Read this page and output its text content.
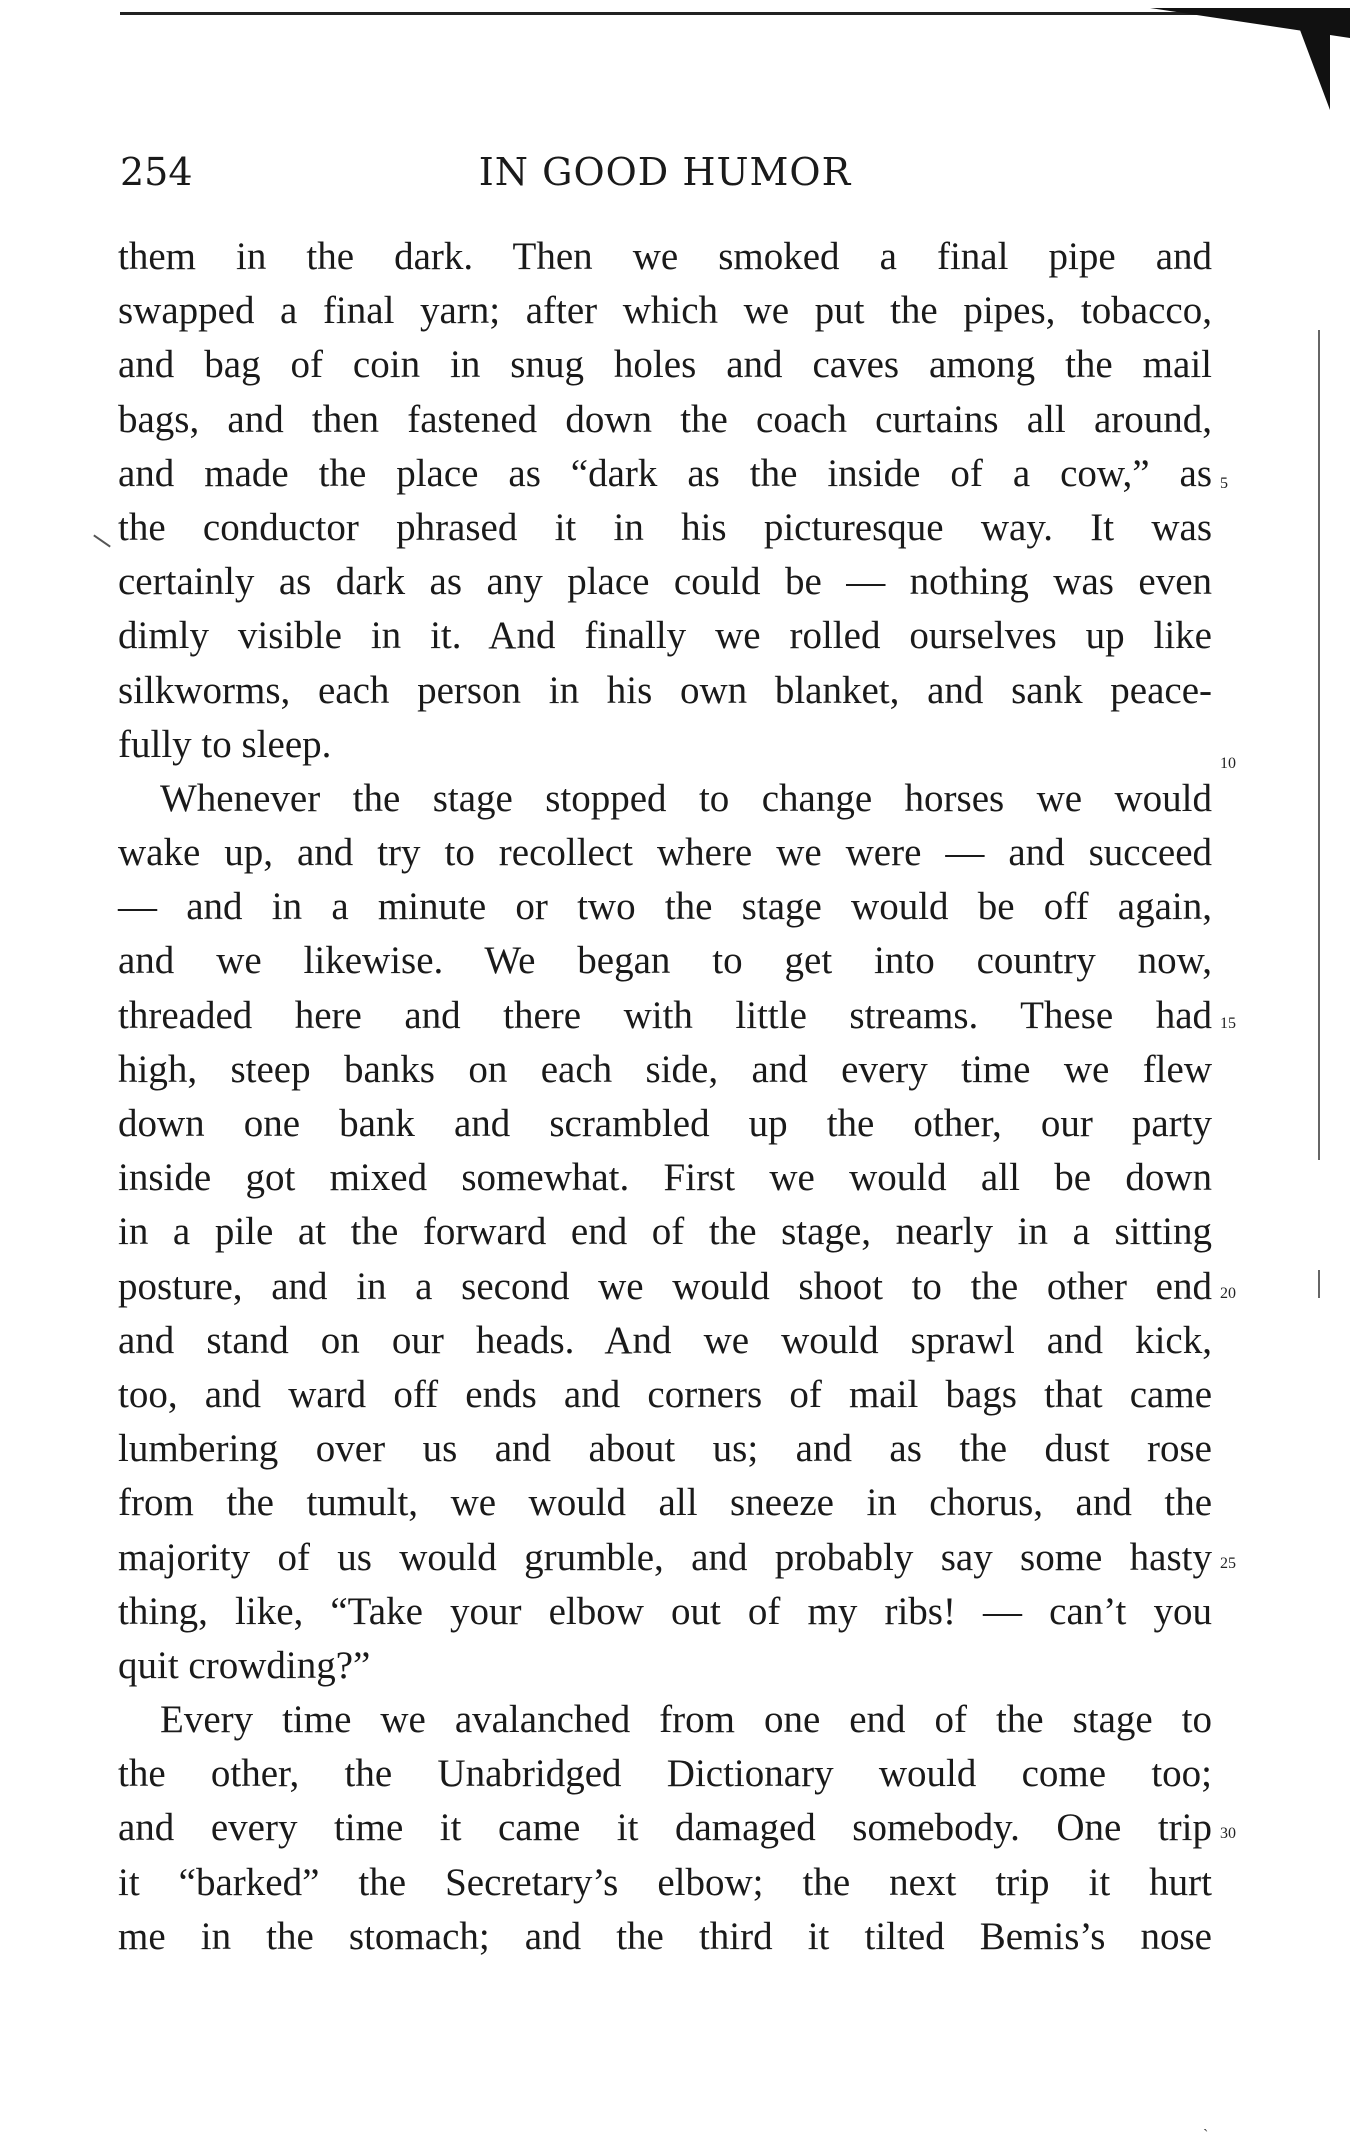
254	IN GOOD HUMOR
them in the dark. Then we smoked a final pipe and
swapped a final yarn; after which we put the pipes, tobacco,
and bag of coin in snug holes and caves among the mail
bags, and then fastened down the coach curtains all around,
and made the place as “dark as the inside of a cow,” as
the conductor phrased it in his picturesque way. It was
certainly as dark as any place could be — nothing was even
dimly visible in it. And finally we rolled ourselves up like
silkworms, each person in his own blanket, and sank peace-
fully to sleep.
Whenever the stage stopped to change horses we would
wake up, and try to recollect where we were — and succeed
— and in a minute or two the stage would be off again,
and we likewise. We began to get into country now,
threaded here and there with little streams. These had
high, steep banks on each side, and every time we flew
down one bank and scrambled up the other, our party
inside got mixed somewhat. First we would all be down
in a pile at the forward end of the stage, nearly in a sitting
posture, and in a second we would shoot to the other end
and stand on our heads. And we would sprawl and kick,
too, and ward off ends and corners of mail bags that came
lumbering over us and about us; and as the dust rose
from the tumult, we would all sneeze in chorus, and the
majority of us would grumble, and probably say some hasty
thing, like, “Take your elbow out of my ribs! — can’t you
quit crowding?”
Every time we avalanched from one end of the stage to
the other, the Unabridged Dictionary would come too;
and every time it came it damaged somebody. One trip
it “barked” the Secretary’s elbow; the next trip it hurt
me in the stomach; and the third it tilted Bemis’s nose
5
10
15
20
25
30
ˎ
